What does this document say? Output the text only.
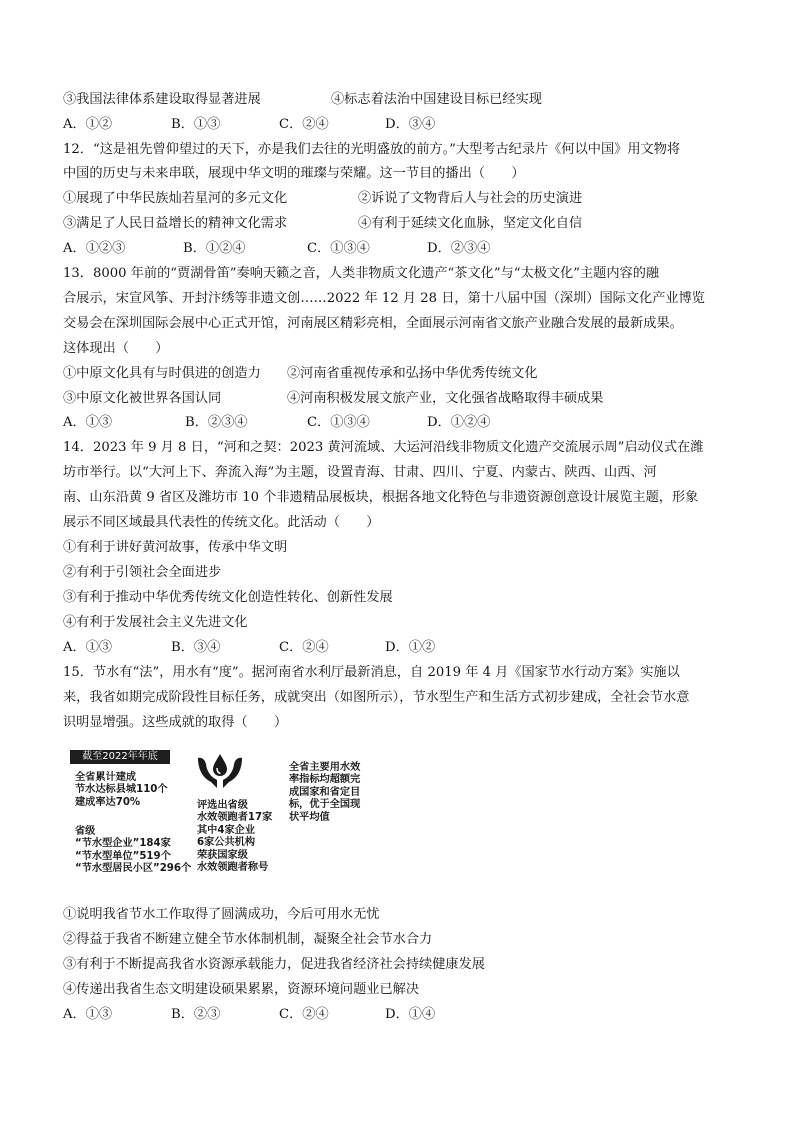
③我国法律体系建设取得显著进展	④标志着法治中国建设目标已经实现
A．①②	B．①③	C．②④	D．③④
12．“这是祖先曾仰望过的天下，亦是我们去往的光明盛放的前方。”大型考古纪录片《何以中国》用文物将
中国的历史与未来串联，展现中华文明的璀璨与荣耀。这一节目的播出（　　）
①展现了中华民族灿若星河的多元文化	②诉说了文物背后人与社会的历史演进
③满足了人民日益增长的精神文化需求	④有利于延续文化血脉，坚定文化自信
A．①②③	B．①②④	C．①③④	D．②③④
13．8000 年前的“贾湖骨笛”奏响天籁之音，人类非物质文化遗产“茶文化”与“太极文化”主题内容的融
合展示，宋宣风筝、开封汴绣等非遗文创……2022 年 12 月 28 日，第十八届中国（深圳）国际文化产业博览
交易会在深圳国际会展中心正式开馆，河南展区精彩亮相，全面展示河南省文旅产业融合发展的最新成果。
这体现出（　　）
①中原文化具有与时俱进的创造力 ②河南省重视传承和弘扬中华优秀传统文化
③中原文化被世界各国认同	④河南积极发展文旅产业，文化强省战略取得丰硕成果
A．①③	B．②③④	C．①③④	D．①②④
14．2023 年 9 月 8 日，“河和之契：2023 黄河流域、大运河沿线非物质文化遗产交流展示周”启动仪式在潍
坊市举行。以“大河上下、奔流入海”为主题，设置青海、甘肃、四川、宁夏、内蒙古、陕西、山西、河
南、山东沿黄 9 省区及潍坊市 10 个非遗精品展板块，根据各地文化特色与非遗资源创意设计展览主题，形象
展示不同区域最具代表性的传统文化。此活动（　　）
①有利于讲好黄河故事，传承中华文明
②有利于引领社会全面进步
③有利于推动中华优秀传统文化创造性转化、创新性发展
④有利于发展社会主义先进文化
A．①③	B．③④	C．②④	D．①②
15．节水有“法”，用水有“度”。据河南省水利厅最新消息，自 2019 年 4 月《国家节水行动方案》实施以
来，我省如期完成阶段性目标任务，成就突出（如图所示），节水型生产和生活方式初步建成，全社会节水意
识明显增强。这些成就的取得（　　）
截至2022年年底
全省累计建成
节水达标县城110个
建成率达70%
省级
“节水型企业”184家
“节水型单位”519个
“节水型居民小区”296个
评选出省级
水效领跑者17家
其中4家企业
6家公共机构
荣获国家级
水效领跑者称号
全省主要用水效
率指标均超额完
成国家和省定目
标，优于全国现
状平均值
①说明我省节水工作取得了圆满成功，今后可用水无忧
②得益于我省不断建立健全节水体制机制，凝聚全社会节水合力
③有利于不断提高我省水资源承载能力，促进我省经济社会持续健康发展
④传递出我省生态文明建设硕果累累，资源环境问题业已解决
A．①③	B．②③	C．②④	D．①④
